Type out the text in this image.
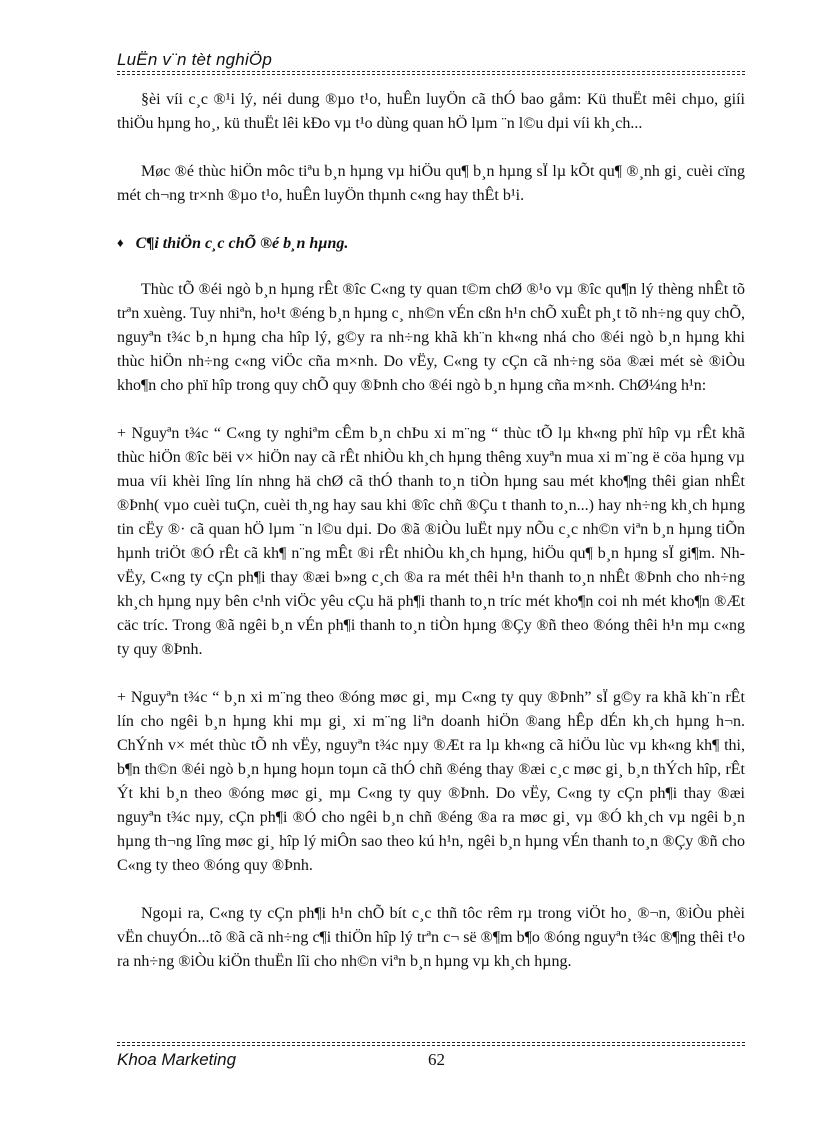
LuËn v¨n tèt nghiÖp

§èi víi c¸c ®¹i lý, néi dung ®µo t¹o, huÊn luyÖn cã thÓ bao gåm: Kü thuËt mêi chµo, giíi thiÖu hµng ho¸, kü thuËt lêi kÐo vµ t¹o dùng quan hÖ lµm ¨n l©u dµi víi kh¸ch...

Møc ®é thùc hiÖn môc tiªu b¸n hµng vµ hiÖu qu¶ b¸n hµng sÏ lµ kÕt qu¶ ®¸nh gi¸ cuèi cïng mét ch¬ng tr×nh ®µo t¹o, huÊn luyÖn thµnh c«ng hay thÊt b¹i.

♦ C¶i thiÖn c¸c chÕ ®é b¸n hµng.

Thùc tÕ ®éi ngò b¸n hµng rÊt ®îc C«ng ty quan t©m chØ ®¹o vµ ®îc qu¶n lý thèng nhÊt tõ trªn xuèng. Tuy nhiªn, ho¹t ®éng b¸n hµng c¸ nh©n vÉn cßn h¹n chÕ xuÊt ph¸t tõ nh÷ng quy chÕ, nguyªn t¾c b¸n hµng cha hîp lý, g©y ra nh÷ng khã kh¨n kh«ng nhá cho ®éi ngò b¸n hµng khi thùc hiÖn nh÷ng c«ng viÖc cña m×nh. Do vËy, C«ng ty cÇn cã nh÷ng söa ®æi mét sè ®iÒu kho¶n cho phï hîp trong quy chÕ quy ®Þnh cho ®éi ngò b¸n hµng cña m×nh. ChØ¼ng h¹n:

+ Nguyªn t¾c “ C«ng ty nghiªm cÊm b¸n chÞu xi m¨ng “ thùc tÕ lµ kh«ng phï hîp vµ rÊt khã thùc hiÖn ®îc bëi v× hiÖn nay cã rÊt nhiÒu kh¸ch hµng thêng xuyªn mua xi m¨ng ë cöa hµng vµ mua víi khèi lîng lín nhng hä chØ cã thÓ thanh to¸n tiÒn hµng sau mét kho¶ng thêi gian nhÊt ®Þnh( vµo cuèi tuÇn, cuèi th¸ng hay sau khi ®îc chñ ®Çu t thanh to¸n...) hay nh÷ng kh¸ch hµng tin cËy ®· cã quan hÖ lµm ¨n l©u dµi. Do ®ã ®iÒu luËt nµy nÕu c¸c nh©n viªn b¸n hµng tiÕn hµnh triÖt ®Ó rÊt cã kh¶ n¨ng mÊt ®i rÊt nhiÒu kh¸ch hµng, hiÖu qu¶ b¸n hµng sÏ gi¶m. Nh vËy, C«ng ty cÇn ph¶i thay ®æi b»ng c¸ch ®a ra mét thêi h¹n thanh to¸n nhÊt ®Þnh cho nh÷ng kh¸ch hµng nµy bên c¹nh viÖc yêu cÇu hä ph¶i thanh to¸n tríc mét kho¶n coi nh mét kho¶n ®Æt cäc tríc. Trong ®ã ngêi b¸n vÉn ph¶i thanh to¸n tiÒn hµng ®Çy ®ñ theo ®óng thêi h¹n mµ c«ng ty quy ®Þnh.

+ Nguyªn t¾c “ b¸n xi m¨ng theo ®óng møc gi¸ mµ C«ng ty quy ®Þnh” sÏ g©y ra khã kh¨n rÊt lín cho ngêi b¸n hµng khi mµ gi¸ xi m¨ng liªn doanh hiÖn ®ang hÊp dÉn kh¸ch hµng h¬n. ChÝnh v× mét thùc tÕ nh vËy, nguyªn t¾c nµy ®Æt ra lµ kh«ng cã hiÖu lùc vµ kh«ng kh¶ thi, b¶n th©n ®éi ngò b¸n hµng hoµn toµn cã thÓ chñ ®éng thay ®æi c¸c møc gi¸ b¸n thÝch hîp, rÊt Ýt khi b¸n theo ®óng møc gi¸ mµ C«ng ty quy ®Þnh. Do vËy, C«ng ty cÇn ph¶i thay ®æi nguyªn t¾c nµy, cÇn ph¶i ®Ó cho ngêi b¸n chñ ®éng ®a ra møc gi¸ vµ ®Ó kh¸ch vµ ngêi b¸n hµng th¬ng lîng møc gi¸ hîp lý miÔn sao theo kú h¹n, ngêi b¸n hµng vÉn thanh to¸n ®Çy ®ñ cho C«ng ty theo ®óng quy ®Þnh.

Ngoµi ra, C«ng ty cÇn ph¶i h¹n chÕ bít c¸c thñ tôc rêm rµ trong viÖt ho¸ ®¬n, ®iÒu phèi vËn chuyÓn...tõ ®ã cã nh÷ng c¶i thiÖn hîp lý trªn c¬ së ®¶m b¶o ®óng nguyªn t¾c ®¶ng thêi t¹o ra nh÷ng ®iÒu kiÖn thuËn lîi cho nh©n viªn b¸n hµng vµ kh¸ch hµng.

Khoa Marketing	62
